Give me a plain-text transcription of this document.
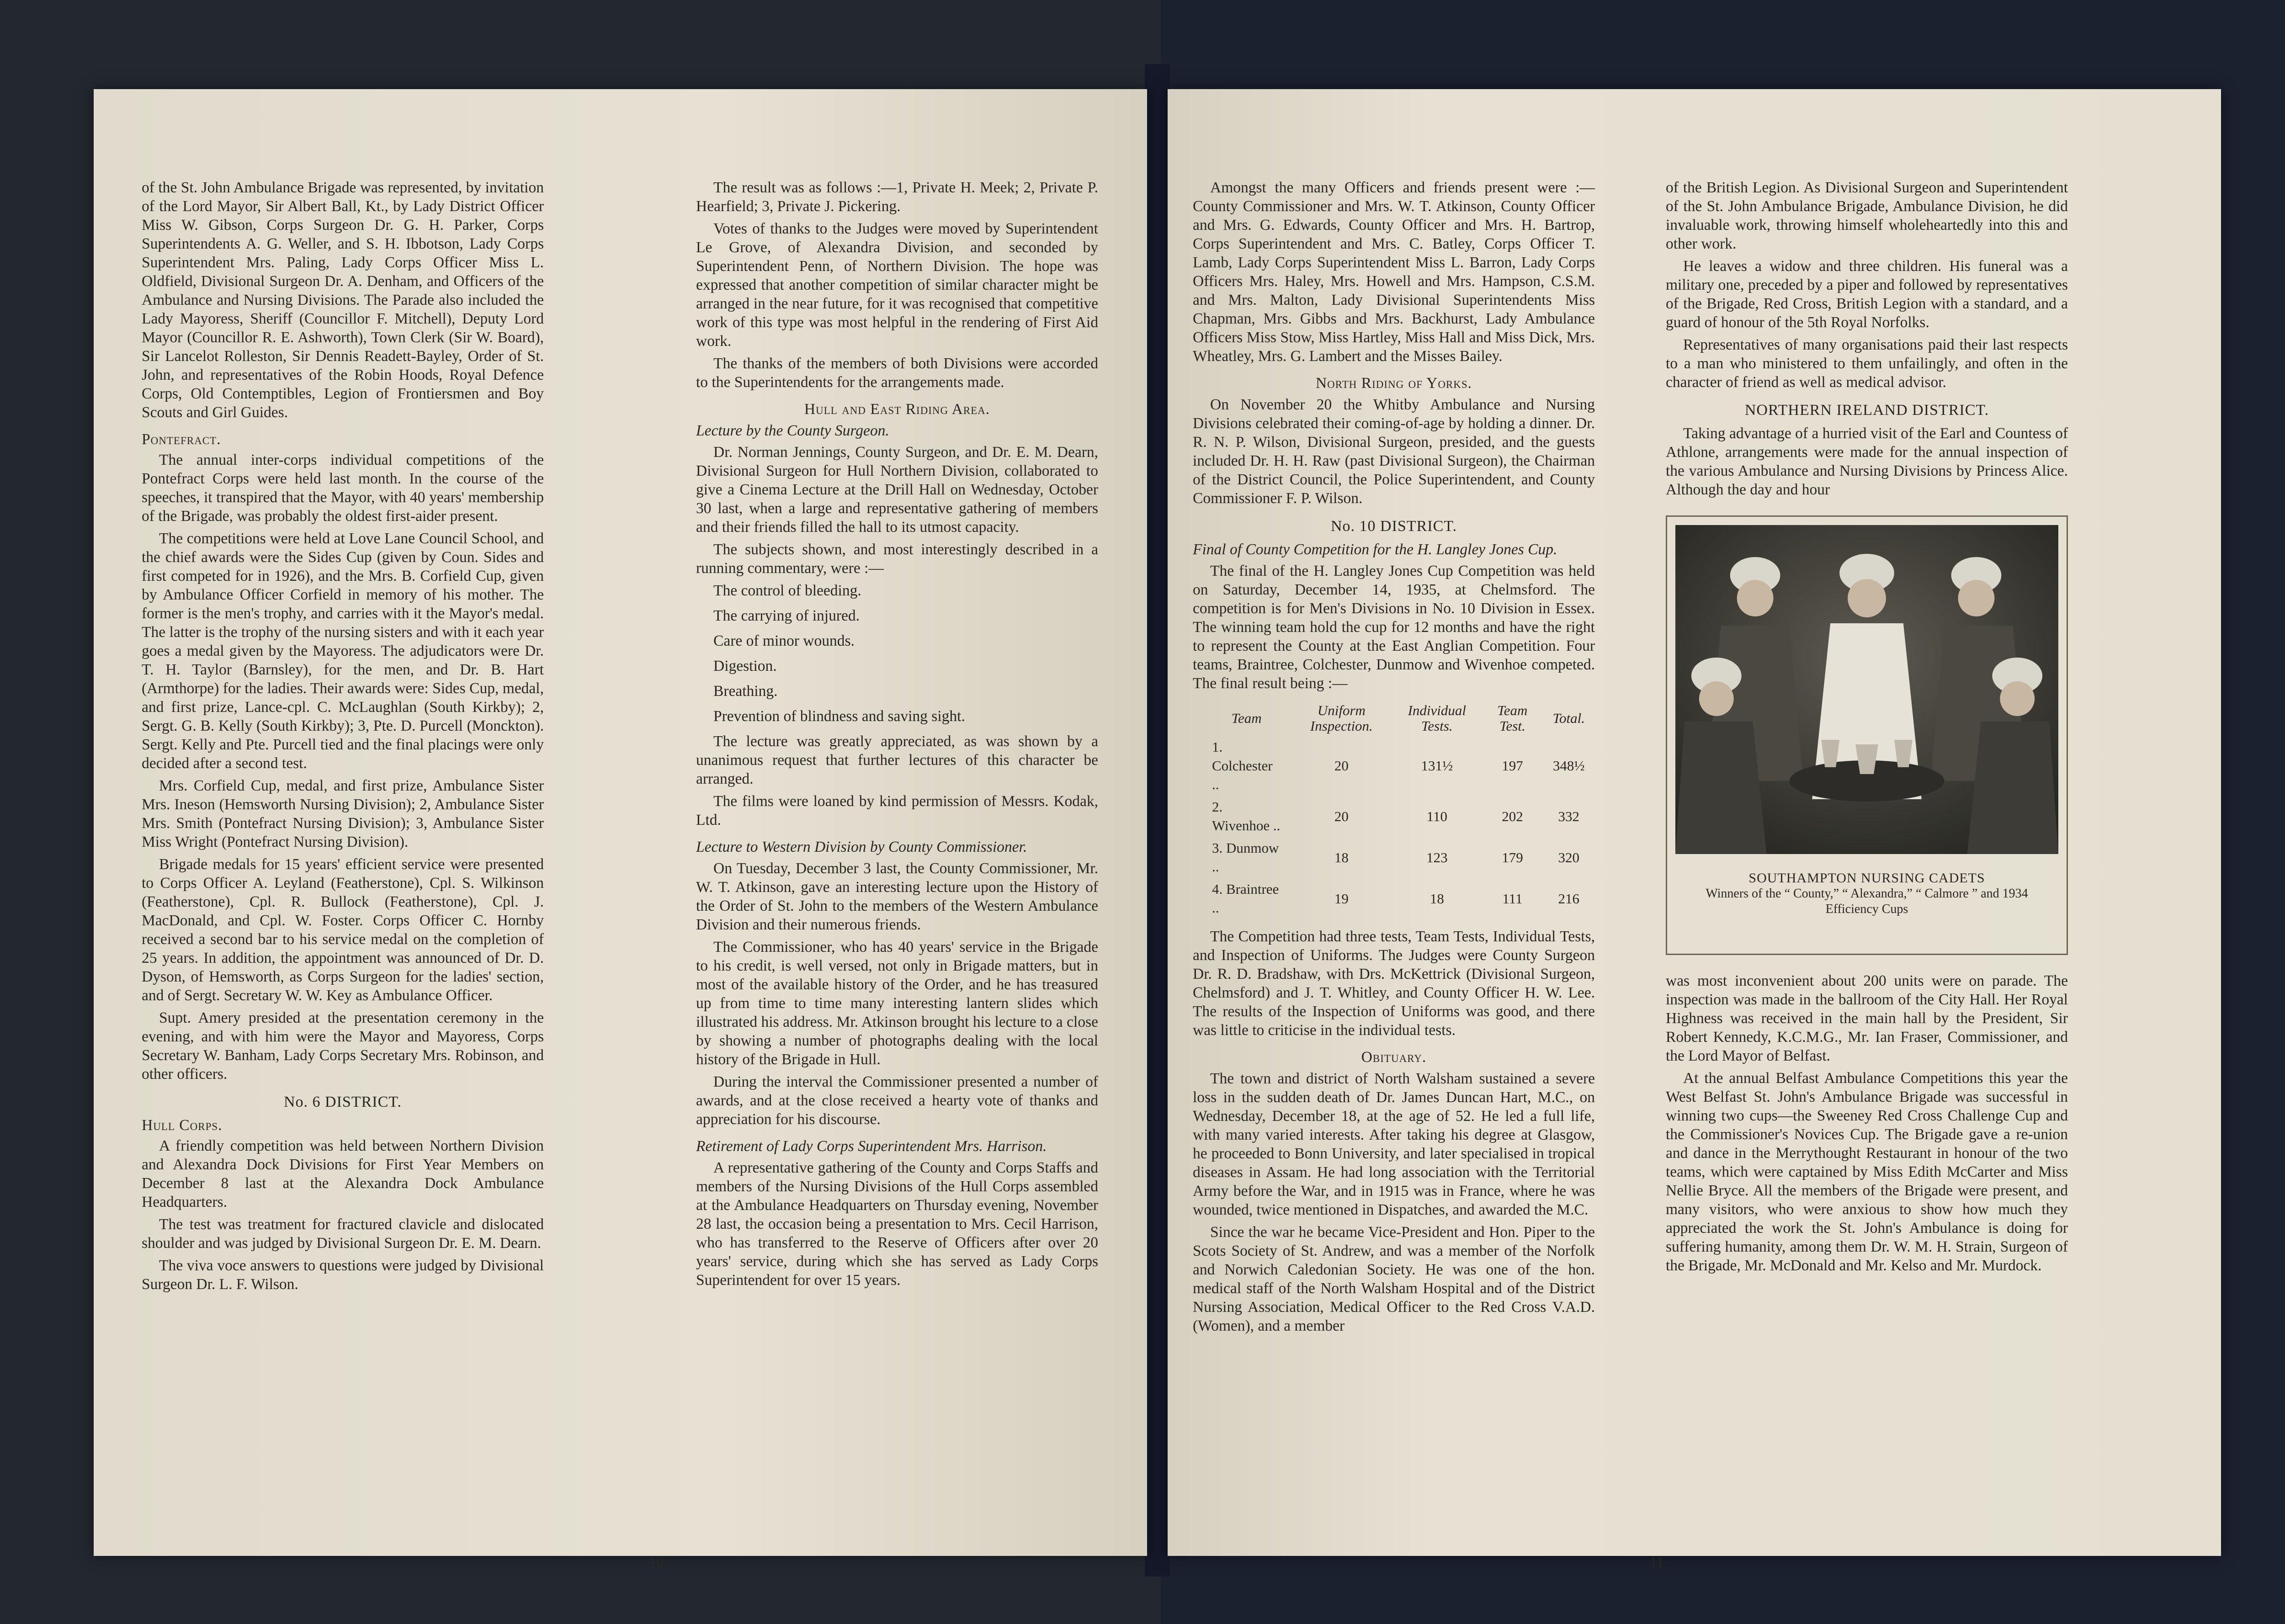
of the St. John Ambulance Brigade was represented, by invitation of the Lord Mayor, Sir Albert Ball, Kt., by Lady District Officer Miss W. Gibson, Corps Surgeon Dr. G. H. Parker, Corps Superintendents A. G. Weller, and S. H. Ibbotson, Lady Corps Superintendent Mrs. Paling, Lady Corps Officer Miss L. Oldfield, Divisional Surgeon Dr. A. Denham, and Officers of the Ambulance and Nursing Divisions. The Parade also included the Lady Mayoress, Sheriff (Councillor F. Mitchell), Deputy Lord Mayor (Councillor R. E. Ashworth), Town Clerk (Sir W. Board), Sir Lancelot Rolleston, Sir Dennis Readett-Bayley, Order of St. John, and representatives of the Robin Hoods, Royal Defence Corps, Old Contemptibles, Legion of Frontiersmen and Boy Scouts and Girl Guides.

Pontefract.

The annual inter-corps individual competitions of the Pontefract Corps were held last month. In the course of the speeches, it transpired that the Mayor, with 40 years' membership of the Brigade, was probably the oldest first-aider present.

The competitions were held at Love Lane Council School, and the chief awards were the Sides Cup (given by Coun. Sides and first competed for in 1926), and the Mrs. B. Corfield Cup, given by Ambulance Officer Corfield in memory of his mother. The former is the men's trophy, and carries with it the Mayor's medal. The latter is the trophy of the nursing sisters and with it each year goes a medal given by the Mayoress. The adjudicators were Dr. T. H. Taylor (Barnsley), for the men, and Dr. B. Hart (Armthorpe) for the ladies. Their awards were: Sides Cup, medal, and first prize, Lance-cpl. C. McLaughlan (South Kirkby); 2, Sergt. G. B. Kelly (South Kirkby); 3, Pte. D. Purcell (Monckton). Sergt. Kelly and Pte. Purcell tied and the final placings were only decided after a second test.

Mrs. Corfield Cup, medal, and first prize, Ambulance Sister Mrs. Ineson (Hemsworth Nursing Division); 2, Ambulance Sister Mrs. Smith (Pontefract Nursing Division); 3, Ambulance Sister Miss Wright (Pontefract Nursing Division).

Brigade medals for 15 years' efficient service were presented to Corps Officer A. Leyland (Featherstone), Cpl. S. Wilkinson (Featherstone), Cpl. R. Bullock (Featherstone), Cpl. J. MacDonald, and Cpl. W. Foster. Corps Officer C. Hornby received a second bar to his service medal on the completion of 25 years. In addition, the appointment was announced of Dr. D. Dyson, of Hemsworth, as Corps Surgeon for the ladies' section, and of Sergt. Secretary W. W. Key as Ambulance Officer.

Supt. Amery presided at the presentation ceremony in the evening, and with him were the Mayor and Mayoress, Corps Secretary W. Banham, Lady Corps Secretary Mrs. Robinson, and other officers.

No. 6 DISTRICT.
Hull Corps.

A friendly competition was held between Northern Division and Alexandra Dock Divisions for First Year Members on December 8 last at the Alexandra Dock Ambulance Headquarters.

The test was treatment for fractured clavicle and dislocated shoulder and was judged by Divisional Surgeon Dr. E. M. Dearn.

The viva voce answers to questions were judged by Divisional Surgeon Dr. L. F. Wilson.

The result was as follows :—1, Private H. Meek; 2, Private P. Hearfield; 3, Private J. Pickering.

Votes of thanks to the Judges were moved by Superintendent Le Grove, of Alexandra Division, and seconded by Superintendent Penn, of Northern Division. The hope was expressed that another competition of similar character might be arranged in the near future, for it was recognised that competitive work of this type was most helpful in the rendering of First Aid work.

The thanks of the members of both Divisions were accorded to the Superintendents for the arrangements made.

Hull and East Riding Area.
Lecture by the County Surgeon.

Dr. Norman Jennings, County Surgeon, and Dr. E. M. Dearn, Divisional Surgeon for Hull Northern Division, collaborated to give a Cinema Lecture at the Drill Hall on Wednesday, October 30 last, when a large and representative gathering of members and their friends filled the hall to its utmost capacity.

The subjects shown, and most interestingly described in a running commentary, were :—

The control of bleeding.
The carrying of injured.
Care of minor wounds.
Digestion.
Breathing.
Prevention of blindness and saving sight.

The lecture was greatly appreciated, as was shown by a unanimous request that further lectures of this character be arranged.

The films were loaned by kind permission of Messrs. Kodak, Ltd.

Lecture to Western Division by County Commissioner.

On Tuesday, December 3 last, the County Commissioner, Mr. W. T. Atkinson, gave an interesting lecture upon the History of the Order of St. John to the members of the Western Ambulance Division and their numerous friends.

The Commissioner, who has 40 years' service in the Brigade to his credit, is well versed, not only in Brigade matters, but in most of the available history of the Order, and he has treasured up from time to time many interesting lantern slides which illustrated his address. Mr. Atkinson brought his lecture to a close by showing a number of photographs dealing with the local history of the Brigade in Hull.

During the interval the Commissioner presented a number of awards, and at the close received a hearty vote of thanks and appreciation for his discourse.

Retirement of Lady Corps Superintendent Mrs. Harrison.

A representative gathering of the County and Corps Staffs and members of the Nursing Divisions of the Hull Corps assembled at the Ambulance Headquarters on Thursday evening, November 28 last, the occasion being a presentation to Mrs. Cecil Harrison, who has transferred to the Reserve of Officers after over 20 years' service, during which she has served as Lady Corps Superintendent for over 15 years.

10

Amongst the many Officers and friends present were :— County Commissioner and Mrs. W. T. Atkinson, County Officer and Mrs. G. Edwards, County Officer and Mrs. H. Bartrop, Corps Superintendent and Mrs. C. Batley, Corps Officer T. Lamb, Lady Corps Superintendent Miss L. Barron, Lady Corps Officers Mrs. Haley, Mrs. Howell and Mrs. Hampson, C.S.M. and Mrs. Malton, Lady Divisional Superintendents Miss Chapman, Mrs. Gibbs and Mrs. Backhurst, Lady Ambulance Officers Miss Stow, Miss Hartley, Miss Hall and Miss Dick, Mrs. Wheatley, Mrs. G. Lambert and the Misses Bailey.

North Riding of Yorks.

On November 20 the Whitby Ambulance and Nursing Divisions celebrated their coming-of-age by holding a dinner. Dr. R. N. P. Wilson, Divisional Surgeon, presided, and the guests included Dr. H. H. Raw (past Divisional Surgeon), the Chairman of the District Council, the Police Superintendent, and County Commissioner F. P. Wilson.

No. 10 DISTRICT.
Final of County Competition for the H. Langley Jones Cup.

The final of the H. Langley Jones Cup Competition was held on Saturday, December 14, 1935, at Chelmsford. The competition is for Men's Divisions in No. 10 Division in Essex. The winning team hold the cup for 12 months and have the right to represent the County at the East Anglian Competition. Four teams, Braintree, Colchester, Dunmow and Wivenhoe competed. The final result being :—

Team	Uniform Inspection.	Individual Tests.	Team Test.	Total.
1. Colchester ..	20	131½	197	348½
2. Wivenhoe ..	20	110	202	332
3. Dunmow ..	18	123	179	320
4. Braintree ..	19	18	111	216

The Competition had three tests, Team Tests, Individual Tests, and Inspection of Uniforms. The Judges were County Surgeon Dr. R. D. Bradshaw, with Drs. McKettrick (Divisional Surgeon, Chelmsford) and J. T. Whitley, and County Officer H. W. Lee. The results of the Inspection of Uniforms was good, and there was little to criticise in the individual tests.

Obituary.

The town and district of North Walsham sustained a severe loss in the sudden death of Dr. James Duncan Hart, M.C., on Wednesday, December 18, at the age of 52. He led a full life, with many varied interests. After taking his degree at Glasgow, he proceeded to Bonn University, and later specialised in tropical diseases in Assam. He had long association with the Territorial Army before the War, and in 1915 was in France, where he was wounded, twice mentioned in Dispatches, and awarded the M.C.

Since the war he became Vice-President and Hon. Piper to the Scots Society of St. Andrew, and was a member of the Norfolk and Norwich Caledonian Society. He was one of the hon. medical staff of the North Walsham Hospital and of the District Nursing Association, Medical Officer to the Red Cross V.A.D. (Women), and a member

of the British Legion. As Divisional Surgeon and Superintendent of the St. John Ambulance Brigade, Ambulance Division, he did invaluable work, throwing himself wholeheartedly into this and other work.

He leaves a widow and three children. His funeral was a military one, preceded by a piper and followed by representatives of the Brigade, Red Cross, British Legion with a standard, and a guard of honour of the 5th Royal Norfolks.

Representatives of many organisations paid their last respects to a man who ministered to them unfailingly, and often in the character of friend as well as medical advisor.

NORTHERN IRELAND DISTRICT.

Taking advantage of a hurried visit of the Earl and Countess of Athlone, arrangements were made for the annual inspection of the various Ambulance and Nursing Divisions by Princess Alice. Although the day and hour

SOUTHAMPTON NURSING CADETS
Winners of the “ County,” “ Alexandra,” “ Calmore ” and 1934 Efficiency Cups

was most inconvenient about 200 units were on parade. The inspection was made in the ballroom of the City Hall. Her Royal Highness was received in the main hall by the President, Sir Robert Kennedy, K.C.M.G., Mr. Ian Fraser, Commissioner, and the Lord Mayor of Belfast.

At the annual Belfast Ambulance Competitions this year the West Belfast St. John's Ambulance Brigade was successful in winning two cups—the Sweeney Red Cross Challenge Cup and the Commissioner's Novices Cup. The Brigade gave a re-union and dance in the Merrythought Restaurant in honour of the two teams, which were captained by Miss Edith McCarter and Miss Nellie Bryce. All the members of the Brigade were present, and many visitors, who were anxious to show how much they appreciated the work the St. John's Ambulance is doing for suffering humanity, among them Dr. W. M. H. Strain, Surgeon of the Brigade, Mr. McDonald and Mr. Kelso and Mr. Murdock.

11
